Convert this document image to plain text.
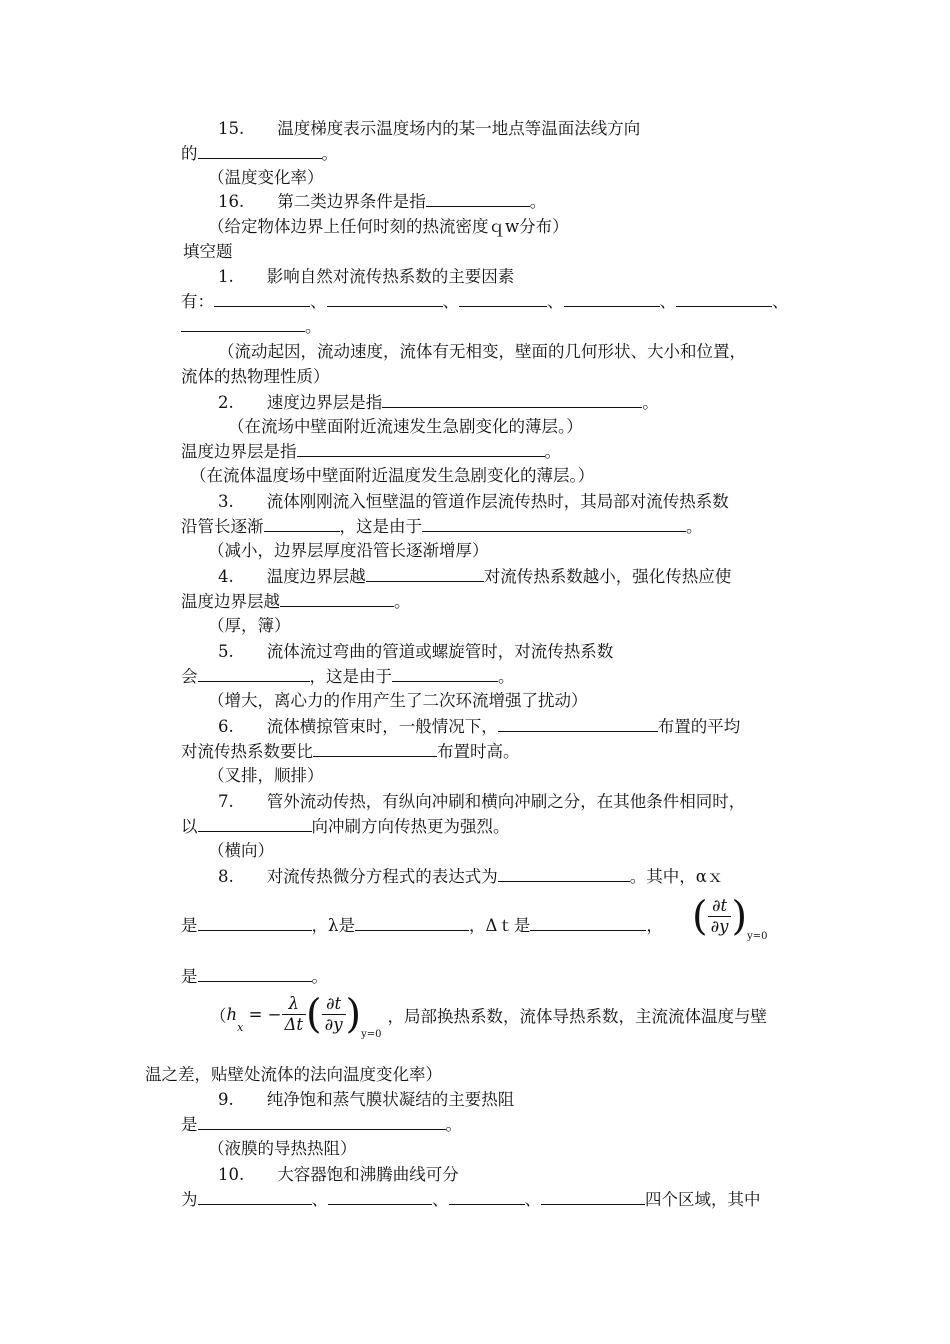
15.　　温度梯度表示温度场内的某一地点等温面法线方向
的	。
（温度变化率）
16.　　第二类边界条件是指	。
（给定物体边界上任何时刻的热流密度ｑw分布）
填空题
1.　　影响自然对流传热系数的主要因素
有：	、	、	、	、	、
。
（流动起因，流动速度，流体有无相变，壁面的几何形状、大小和位置，
流体的热物理性质）
2.　　速度边界层是指	。
（在流场中壁面附近流速发生急剧变化的薄层。）
温度边界层是指	。
（在流体温度场中壁面附近温度发生急剧变化的薄层。）
3.　　流体刚刚流入恒壁温的管道作层流传热时，其局部对流传热系数
沿管长逐渐	，这是由于	。
（减小，边界层厚度沿管长逐渐增厚）
4.　　温度边界层越	对流传热系数越小，强化传热应使
温度边界层越	。
（厚，簿）
5.　　流体流过弯曲的管道或螺旋管时，对流传热系数
会	，这是由于	。
（增大，离心力的作用产生了二次环流增强了扰动）
6.　　流体横掠管束时，一般情况下，	布置的平均
对流传热系数要比	布置时高。
（叉排，顺排）
7.　　管外流动传热，有纵向冲刷和横向冲刷之分，在其他条件相同时，
以	向冲刷方向传热更为强烈。
（横向）
8.　　对流传热微分方程式的表达式为	。其中，αｘ
是	，λ是	，Δｔ是	， ( $\frac{\partial t}{\partial y} )_{y=0}$
是	。
（$h_x$ = − $\frac{\lambda}{\Delta t}$ ( $\frac{\partial t}{\partial y} )_{y=0}$，局部换热系数，流体导热系数，主流流体温度与壁
温之差，贴壁处流体的法向温度变化率）
9.　　纯净饱和蒸气膜状凝结的主要热阻
是	。
（液膜的导热热阻）
10.　　大容器饱和沸腾曲线可分
为	、	、	、	四个区域，其中
